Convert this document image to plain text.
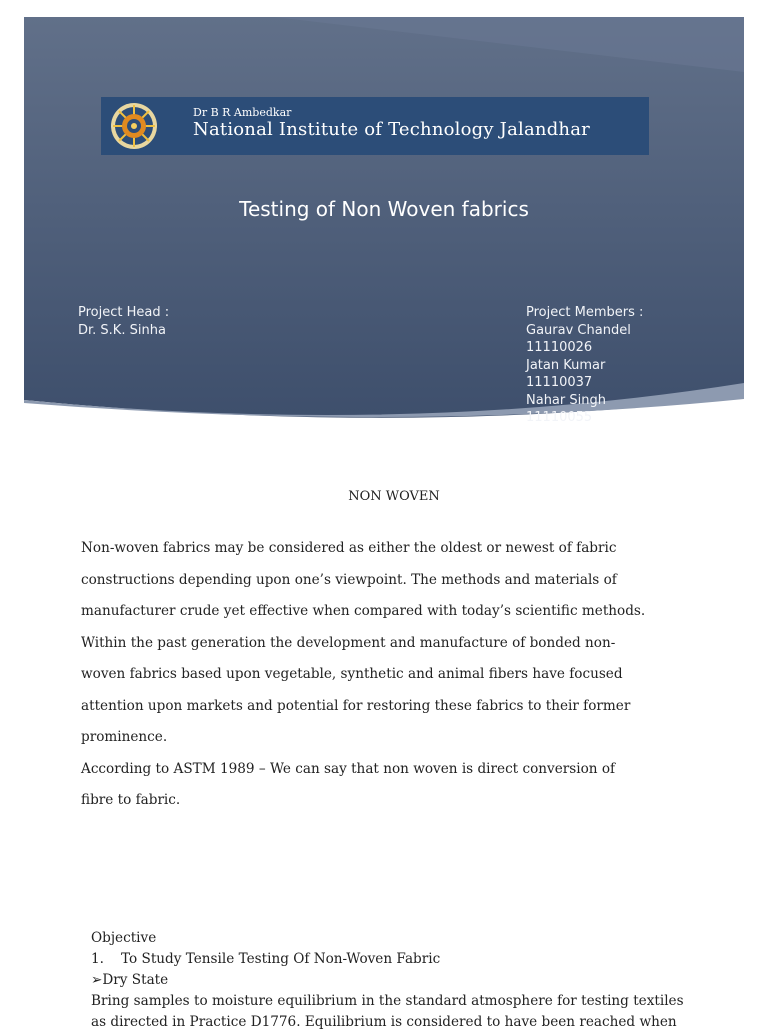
Dr B R Ambedkar
National Institute of Technology Jalandhar
Testing of Non Woven fabrics
Project Head :
Dr. S.K. Sinha
Project Members :
Gaurav Chandel
11110026
Jatan Kumar
11110037
Nahar Singh
11110055
NON WOVEN
Non-woven fabrics may be considered as either the oldest or newest of fabric
constructions depending upon one’s viewpoint. The methods and materials of
manufacturer crude yet effective when compared with today’s scientific methods.
Within the past generation the development and manufacture of bonded non-
woven fabrics based upon vegetable, synthetic and animal fibers have focused
attention upon markets and potential for restoring these fabrics to their former
prominence.
According to ASTM 1989 – We can say that non woven is direct conversion of
fibre to fabric.
Objective
1. To Study Tensile Testing Of Non-Woven Fabric
➢Dry State
Bring samples to moisture equilibrium in the standard atmosphere for testing textiles
as directed in Practice D1776. Equilibrium is considered to have been reached when
